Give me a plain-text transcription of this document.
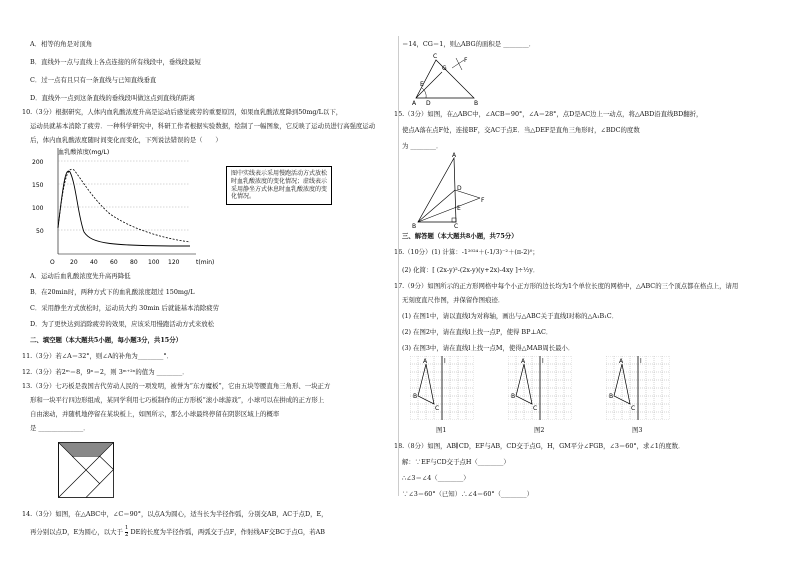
A．相等的角是对顶角
B．直线外一点与直线上各点连接的所有线段中，垂线段最短
C．过一点有且只有一条直线与已知直线垂直
D．直线外一点到这条直线的垂线段叫做这点到直线的距离
10.（3分）根据研究，人体内血乳酸浓度升高是运动后感觉疲劳的重要原因，如果血乳酸浓度降到50mg/L以下，
运动员就基本消除了疲劳．一种科学研究中，科研工作者根据实验数据，绘制了一幅图象，它反映了运动员进行高强度运动
后，体内血乳酸浓度随时间变化而变化，下列说法错误的是（　　）
血乳酸浓度(mg/L)
200
150
100
50
O	20 40 60 80 100 120	t(min)
图中实线表示采用慢跑活动方式放松时血乳酸浓度的变化情况；虚线表示采用静坐方式休息时血乳酸浓度的变化情况。
A．运动后血乳酸浓度先升高再降低
B．在20min时，两种方式下的血乳酸浓度超过 150mg/L
C．采用静坐方式放松时，运动员大约 30min 后就能基本消除疲劳
D．为了更快达到消除疲劳的效果，应该采用慢跑活动方式来放松
二、填空题（本大题共5小题，每小题3分，共15分）
11.（3分）若∠A＝32°，则∠A的补角为________°．
12.（3分）若2ᵐ＝8，9ⁿ＝2，则 3ᵐ⁺²ⁿ的值为 ________．
13.（3分）七巧板是我国古代劳动人民的一项发明，被誉为“东方魔板”，它由五块等腰直角三角形、一块正方
形和一块平行四边形组成，某同学利用七巧板制作的正方形板“滚小球游戏”，小球可以在拼成的正方形上
自由滚动，并随机地停留在某块板上，如图所示，那么小球最终停留在阴影区域上的概率
是 ______________．
14.（3分）如图，在△ABC中，∠C＝90°，以点A为圆心，适当长为半径作弧，分别交AB，AC于点D，E，
再分别以点D，E为圆心，以大于 $\frac{1}{2}$ DE的长度为半径作弧，两弧交于点F，作射线AF交BC于点G，若AB
＝14，CG＝1，则△ABG的面积是 ________．
C
G
F
E
A D	B
15.（3分）如图，在△ABC中，∠ACB＝90°，∠A＝28°，点D是AC边上一动点，将△ABD沿直线BD翻折，
使点A落在点F处，连接BF，交AC于点E．当△DEF是直角三角形时，∠BDC的度数
为 ________．
A
D
E
F
B	C
三、解答题（本大题共8小题，共75分）
16.（10分）(1) 计算：-1²⁰²⁴＋(-1/3)⁻²＋(π-2)⁰；
(2) 化简：[ (2x-y)²-(2x-y)(y+2x)-4xy ]÷½y．
17.（9分）如图所示的正方形网格中每个小正方形的边长均为1个单位长度的网格中，△ABC的三个顶点都在格点上，请用
无刻度直尺作图，并保留作图痕迹．
(1) 在图1中，请以直线l为对称轴，画出与△ABC关于直线l对称的△A₁B₁C．
(2) 在图2中，请在直线l上找一点P，使得 BP⊥AC．
(3) 在图3中，请在直线l上找一点M，使得△MAB周长最小．
A
B
C
l	A
B
C
l	A
B
C
l
图1	图2	图3
18.（8分）如图，AB∥CD，EF与AB，CD交于点G，H，GM平分∠FGB，∠3＝60°，求∠1的度数．
解：∵EF与CD交于点H（________）
∴∠3＝∠4（________）
∵∠3＝60°（已知）∴∠4＝60°（________）
